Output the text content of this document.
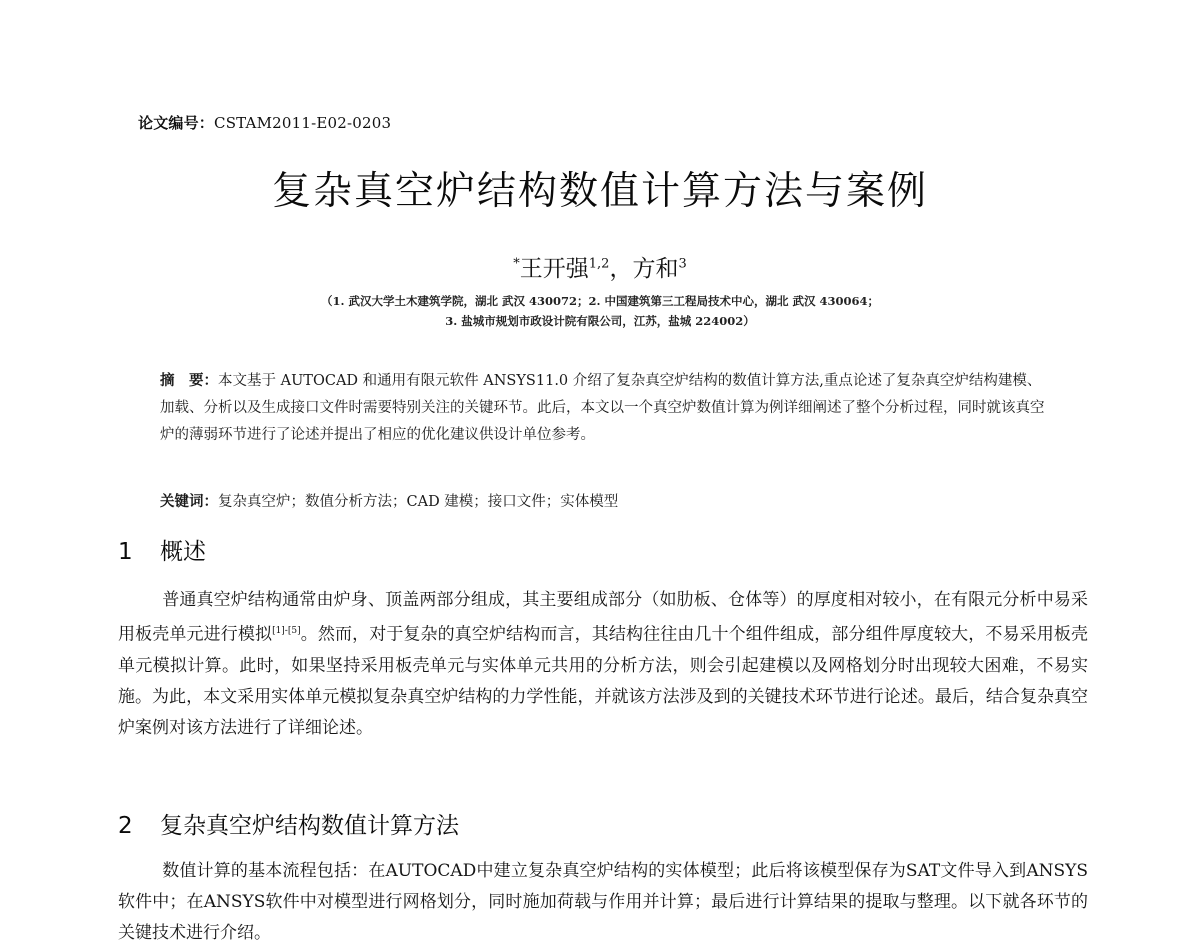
论文编号：CSTAM2011-E02-0203
复杂真空炉结构数值计算方法与案例
*王开强$^{1,2}$，方和$^3$
（1. 武汉大学土木建筑学院，湖北 武汉 430072；2. 中国建筑第三工程局技术中心，湖北 武汉 430064；
3. 盐城市规划市政设计院有限公司，江苏，盐城 224002）
摘　要：本文基于 AUTOCAD 和通用有限元软件 ANSYS11.0 介绍了复杂真空炉结构的数值计算方法,重点论述了复杂真空炉结构建模、加载、分析以及生成接口文件时需要特别关注的关键环节。此后，本文以一个真空炉数值计算为例详细阐述了整个分析过程，同时就该真空炉的薄弱环节进行了论述并提出了相应的优化建议供设计单位参考。
关键词：复杂真空炉；数值分析方法；CAD 建模；接口文件；实体模型
1 概述

普通真空炉结构通常由炉身、顶盖两部分组成，其主要组成部分（如肋板、仓体等）的厚度相对较小，在有限元分析中易采用板壳单元进行模拟[1]-[5]。然而，对于复杂的真空炉结构而言，其结构往往由几十个组件组成，部分组件厚度较大，不易采用板壳单元模拟计算。此时，如果坚持采用板壳单元与实体单元共用的分析方法，则会引起建模以及网格划分时出现较大困难，不易实施。为此，本文采用实体单元模拟复杂真空炉结构的力学性能，并就该方法涉及到的关键技术环节进行论述。最后，结合复杂真空炉案例对该方法进行了详细论述。

2 复杂真空炉结构数值计算方法

数值计算的基本流程包括：在AUTOCAD中建立复杂真空炉结构的实体模型；此后将该模型保存为SAT文件导入到ANSYS软件中；在ANSYS软件中对模型进行网格划分，同时施加荷载与作用并计算；最后进行计算结果的提取与整理。以下就各环节的关键技术进行介绍。
